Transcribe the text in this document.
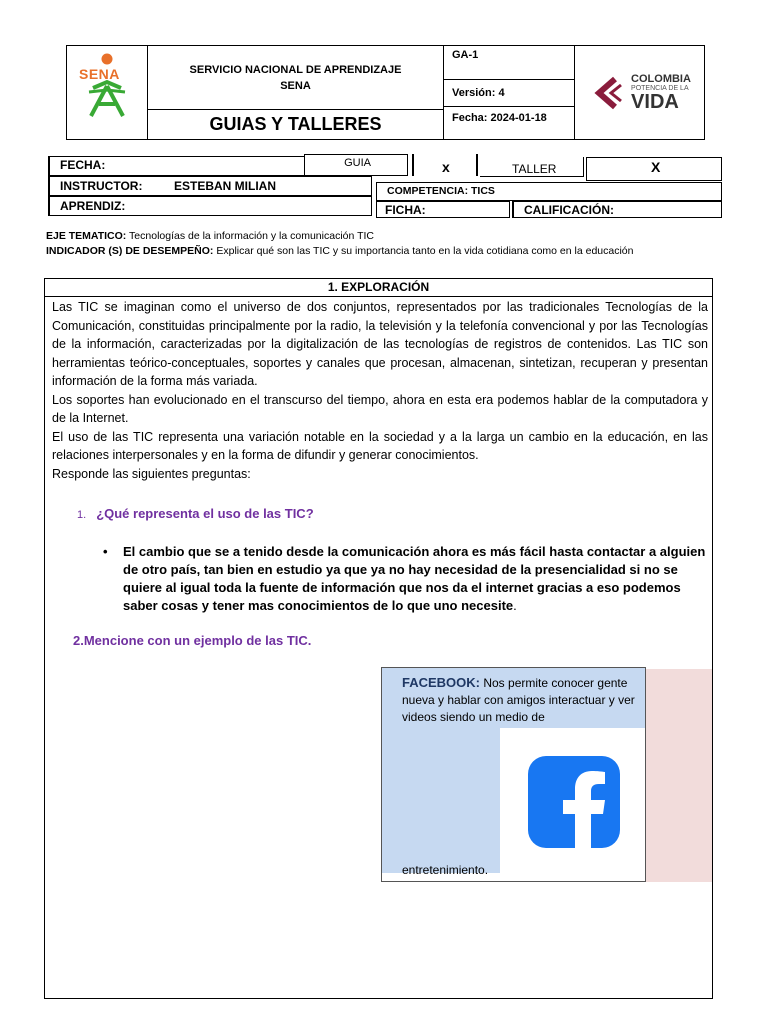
SENA	SERVICIO NACIONAL DE APRENDIZAJE
SENA
GUIAS Y TALLERES
GA-1
Versión:
4
Fecha: 2024-01-18
COLOMBIA
POTENCIA DE LA
VIDA
FECHA:	GUIA	x	TALLER	X
INSTRUCTOR:	ESTEBAN MILIAN	COMPETENCIA: TICS
APRENDIZ:	FICHA:	CALIFICACIÓN:
EJE TEMATICO: Tecnologías de la información y la comunicación TIC
INDICADOR (S) DE DESEMPEÑO: Explicar qué son las TIC y su importancia tanto en la vida cotidiana como en la educación
1. EXPLORACIÓN

Las TIC se imaginan como el universo de dos conjuntos, representados por las tradicionales Tecnologías de la Comunicación, constituidas principalmente por la radio, la televisión y la telefonía convencional y por las Tecnologías de la información, caracterizadas por la digitalización de las tecnologías de registros de contenidos. Las TIC son herramientas teórico-conceptuales, soportes y canales que procesan, almacenan, sintetizan, recuperan y presentan información de la forma más variada.

Los soportes han evolucionado en el transcurso del tiempo, ahora en esta era podemos hablar de la computadora y de la Internet.

El uso de las TIC representa una variación notable en la sociedad y a la larga un cambio en la educación, en las relaciones interpersonales y en la forma de difundir y generar conocimientos.

Responde las siguientes preguntas:

1. ¿Qué representa el uso de las TIC?
• El cambio que se a tenido desde la comunicación ahora es más fácil hasta contactar a alguien de otro país, tan bien en estudio ya que ya no hay necesidad de la presencialidad si no se quiere al igual toda la fuente de información que nos da el internet gracias a eso podemos saber cosas y tener mas conocimientos de lo que uno necesite.
2.Mencione con un ejemplo de las TIC.
FACEBOOK: Nos permite conocer gente nueva y hablar con amigos interactuar y ver videos siendo un medio de
entretenimiento.
